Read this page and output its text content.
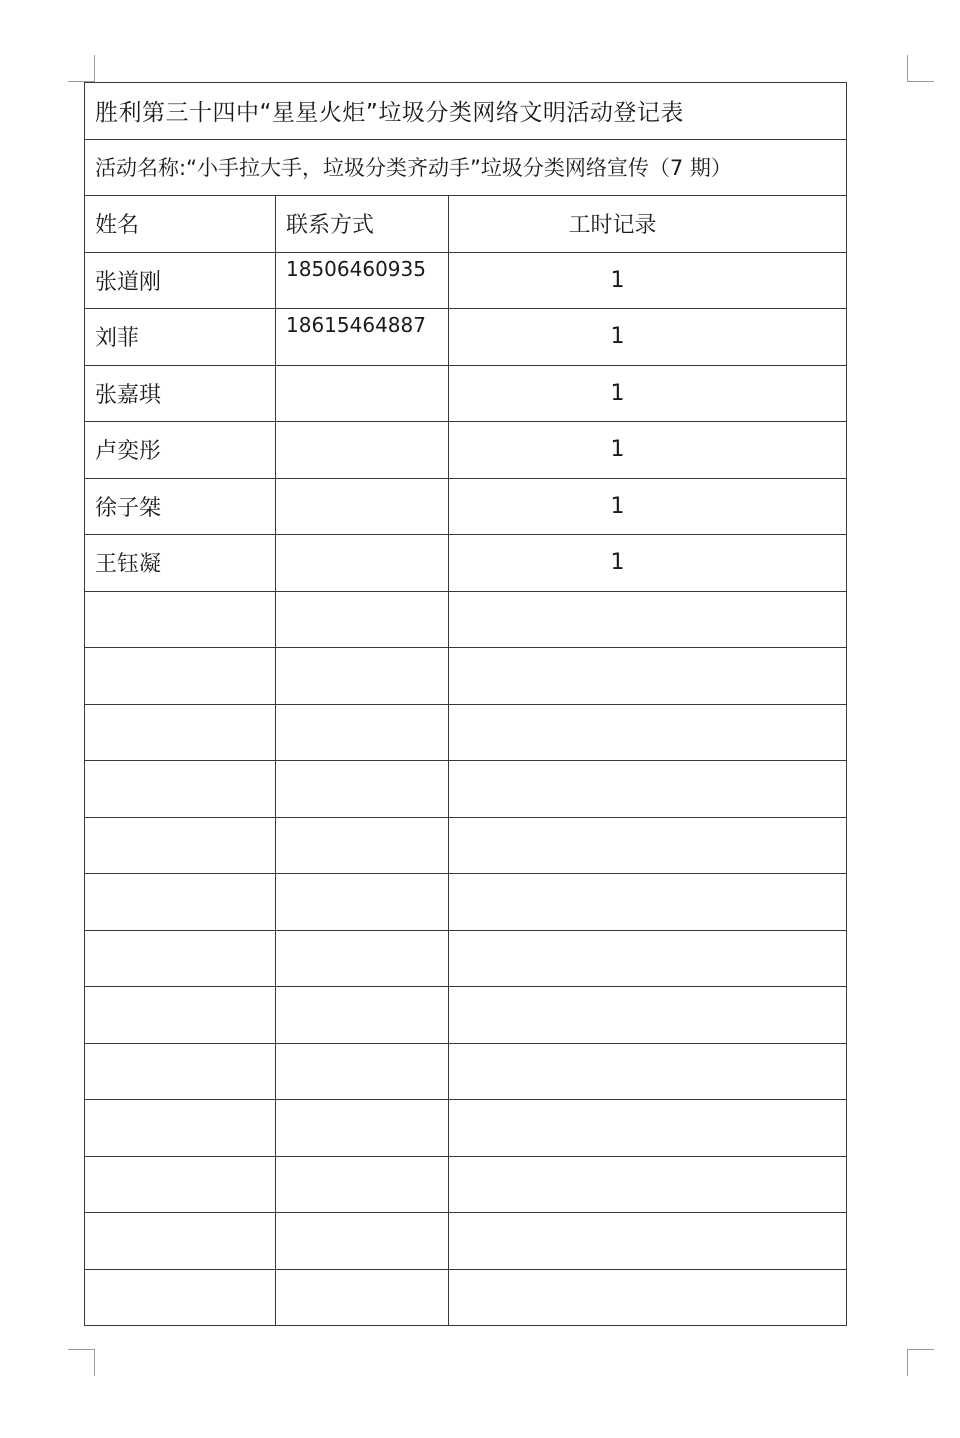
胜利第三十四中“星星火炬”垃圾分类网络文明活动登记表		
活动名称:“小手拉大手，垃圾分类齐动手”垃圾分类网络宣传（7 期）		
姓名	联系方式	工时记录
张道刚	18506460935	1
刘菲	18615464887	1
张嘉琪		1
卢奕彤		1
徐子桀		1
王钰凝		1
